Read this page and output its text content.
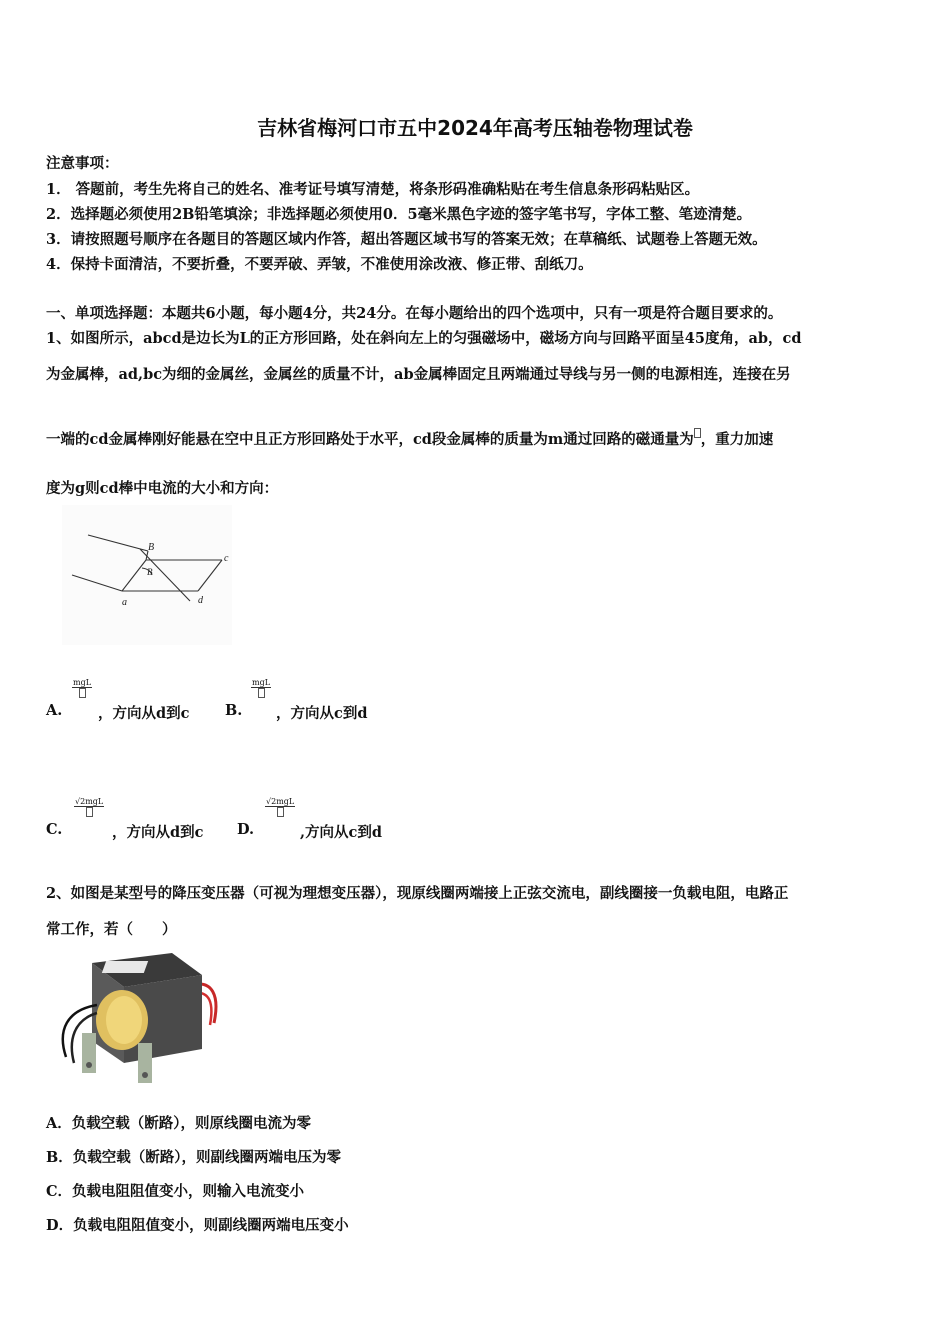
吉林省梅河口市五中2024年高考压轴卷物理试卷
注意事项：
1． 答题前，考生先将自己的姓名、准考证号填写清楚，将条形码准确粘贴在考生信息条形码粘贴区。
2．选择题必须使用2B铅笔填涂；非选择题必须使用0．5毫米黑色字迹的签字笔书写，字体工整、笔迹清楚。
3．请按照题号顺序在各题目的答题区域内作答，超出答题区域书写的答案无效；在草稿纸、试题卷上答题无效。
4．保持卡面清洁，不要折叠，不要弄破、弄皱，不准使用涂改液、修正带、刮纸刀。
一、单项选择题：本题共6小题，每小题4分，共24分。在每小题给出的四个选项中，只有一项是符合题目要求的。
1、如图所示，abcd是边长为L的正方形回路，处在斜向左上的匀强磁场中，磁场方向与回路平面呈45度角，ab，cd
为金属棒，ad,bc为细的金属丝，金属丝的质量不计，ab金属棒固定且两端通过导线与另一侧的电源相连，连接在另
一端的cd金属棒刚好能悬在空中且正方形回路处于水平，cd段金属棒的质量为m通过回路的磁通量为 ，重力加速
度为g则cd棒中电流的大小和方向：
B
B
c
d
a
A.
mgL
，方向从d到c B.
mgL
，方向从c到d
C.
√2mgL
，方向从d到c D.
√2mgL
,方向从c到d
2、如图是某型号的降压变压器（可视为理想变压器），现原线圈两端接上正弦交流电，副线圈接一负载电阻，电路正
常工作，若（　　）
A．负载空载（断路），则原线圈电流为零
B．负载空载（断路），则副线圈两端电压为零
C．负载电阻阻值变小，则输入电流变小
D．负载电阻阻值变小，则副线圈两端电压变小
